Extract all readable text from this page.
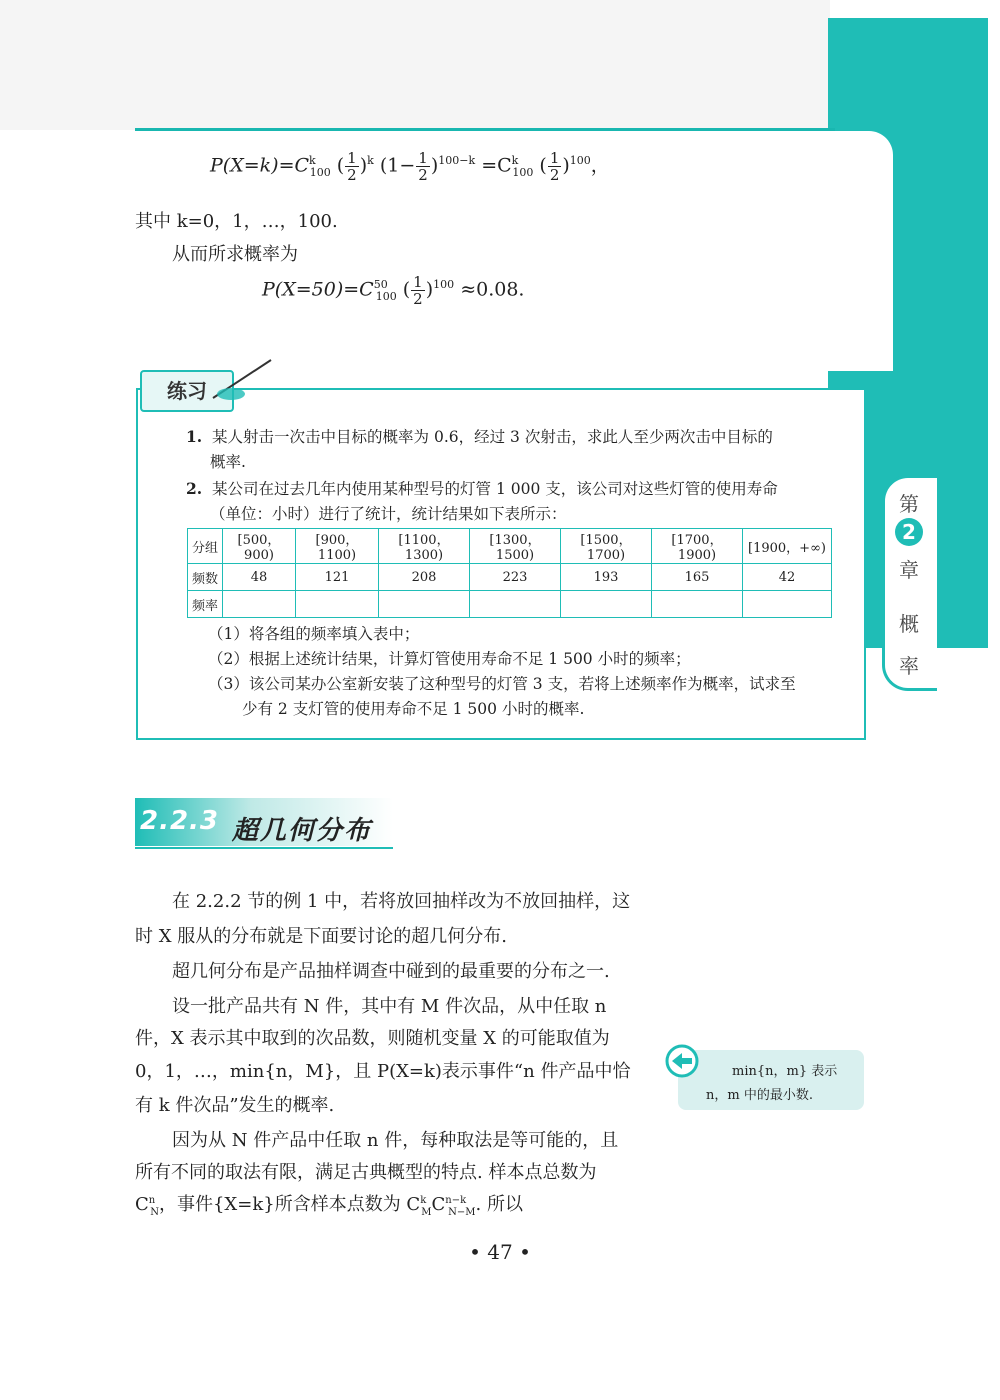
第
2
章
概
率
$P(X=k)=C^k_{100}$ ( $\frac{1}{2} )^k$ $(1- \frac{1}{2} )^{100-k} =C^k_{100}$ ( $\frac{1}{2} )^{100}$，
其中 k=0，1，…，100.
从而所求概率为
$P(X=50)=C^{50}_{100}$ ( $\frac{1}{2} )^{100} \approx 0.08$.
练习
1. 某人射击一次击中目标的概率为 0.6，经过 3 次射击，求此人至少两次击中目标的
概率.
2. 某公司在过去几年内使用某种型号的灯管 1 000 支，该公司对这些灯管的使用寿命
（单位：小时）进行了统计，统计结果如下表所示：
分组	[500，900)	[900，1100)	[1100，1300)	[1300，1500)	[1500，1700)	[1700，1900)	[1900，+∞)
频数	48	121	208	223	193	165	42
频率							
（1）将各组的频率填入表中；
（2）根据上述统计结果，计算灯管使用寿命不足 1 500 小时的频率；
（3）该公司某办公室新安装了这种型号的灯管 3 支，若将上述频率作为概率，试求至
少有 2 支灯管的使用寿命不足 1 500 小时的概率.
2.2.3 超几何分布
在 2.2.2 节的例 1 中，若将放回抽样改为不放回抽样，这
时 X 服从的分布就是下面要讨论的超几何分布.
超几何分布是产品抽样调查中碰到的最重要的分布之一.
设一批产品共有 N 件，其中有 M 件次品，从中任取 n
件，X 表示其中取到的次品数，则随机变量 X 的可能取值为
0，1，…，min{n，M}，且 P(X=k)表示事件“n 件产品中恰
有 k 件次品”发生的概率.
因为从 N 件产品中任取 n 件，每种取法是等可能的，且
所有不同的取法有限，满足古典概型的特点. 样本点总数为
$C^n_N$，事件{X=k}所含样本点数为 $C^k_MC^{n-k}_{N-M}$. 所以
min{n，m} 表示
n，m 中的最小数.
• 47 •
